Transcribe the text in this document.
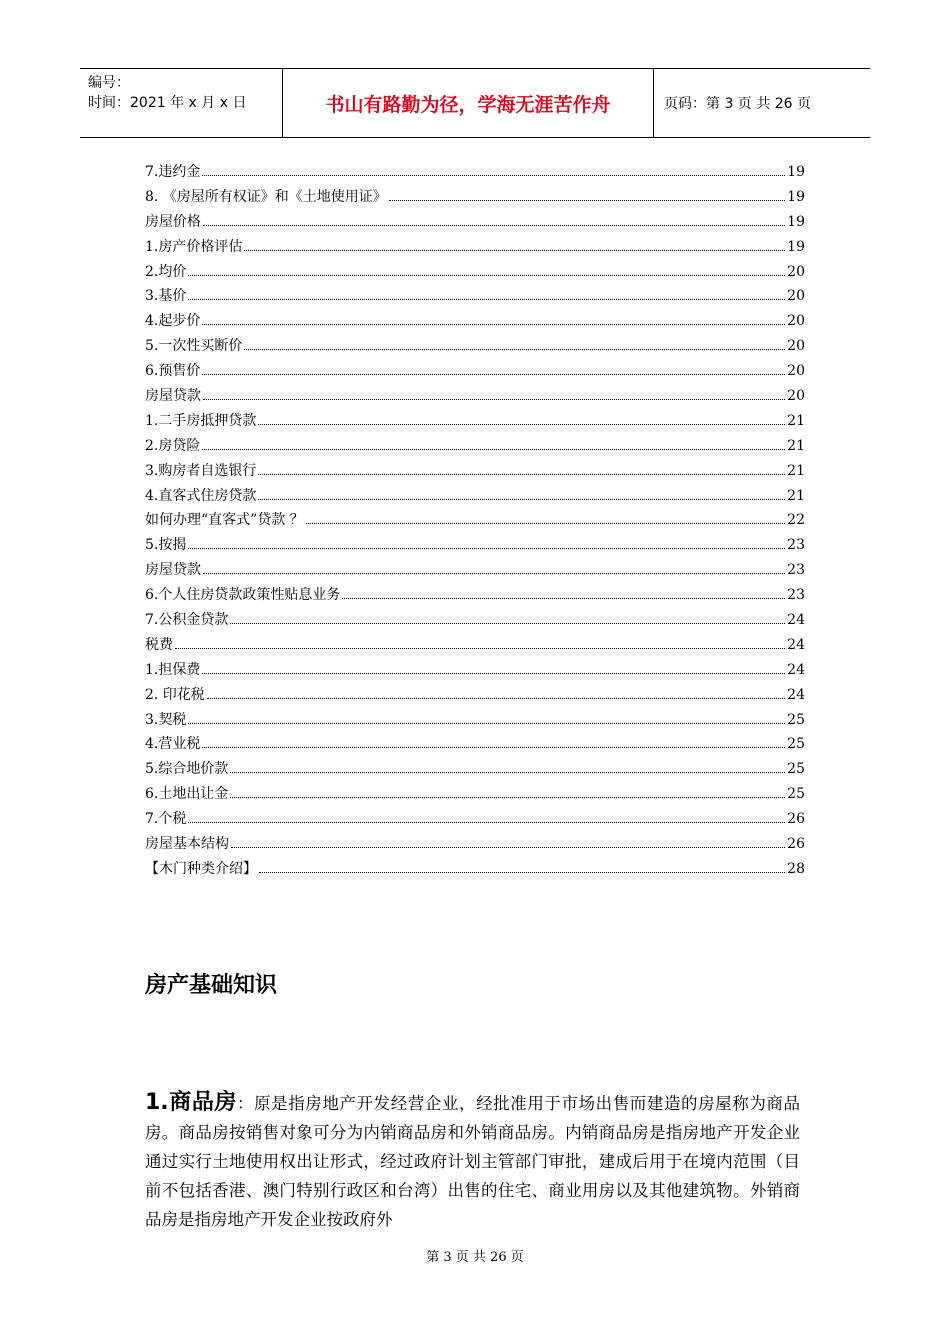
编号：
时间：2021 年 x 月 x 日	书山有路勤为径，学海无涯苦作舟	页码：第 3 页 共 26 页
7.违约金	19
8. 《房屋所有权证》和《土地使用证》	19
房屋价格	19
1.房产价格评估	19
2.均价	20
3.基价	20
4.起步价	20
5.一次性买断价	20
6.预售价	20
房屋贷款	20
1.二手房抵押贷款	21
2.房贷险	21
3.购房者自选银行	21
4.直客式住房贷款	21
如何办理“直客式”贷款 ？	22
5.按揭	23
房屋贷款	23
6.个人住房贷款政策性贴息业务	23
7.公积金贷款	24
税费	24
1.担保费	24
2. 印花税	24
3.契税	25
4.营业税	25
5.综合地价款	25
6.土地出让金	25
7.个税	26
房屋基本结构	26
【木门种类介绍】	28
房产基础知识
1.商品房：原是指房地产开发经营企业，经批准用于市场出售而建造的房屋称为商品房。商品房按销售对象可分为内销商品房和外销商品房。内销商品房是指房地产开发企业通过实行土地使用权出让形式，经过政府计划主管部门审批，建成后用于在境内范围（目前不包括香港、澳门特别行政区和台湾）出售的住宅、商业用房以及其他建筑物。外销商品房是指房地产开发企业按政府外
第 3 页 共 26 页
